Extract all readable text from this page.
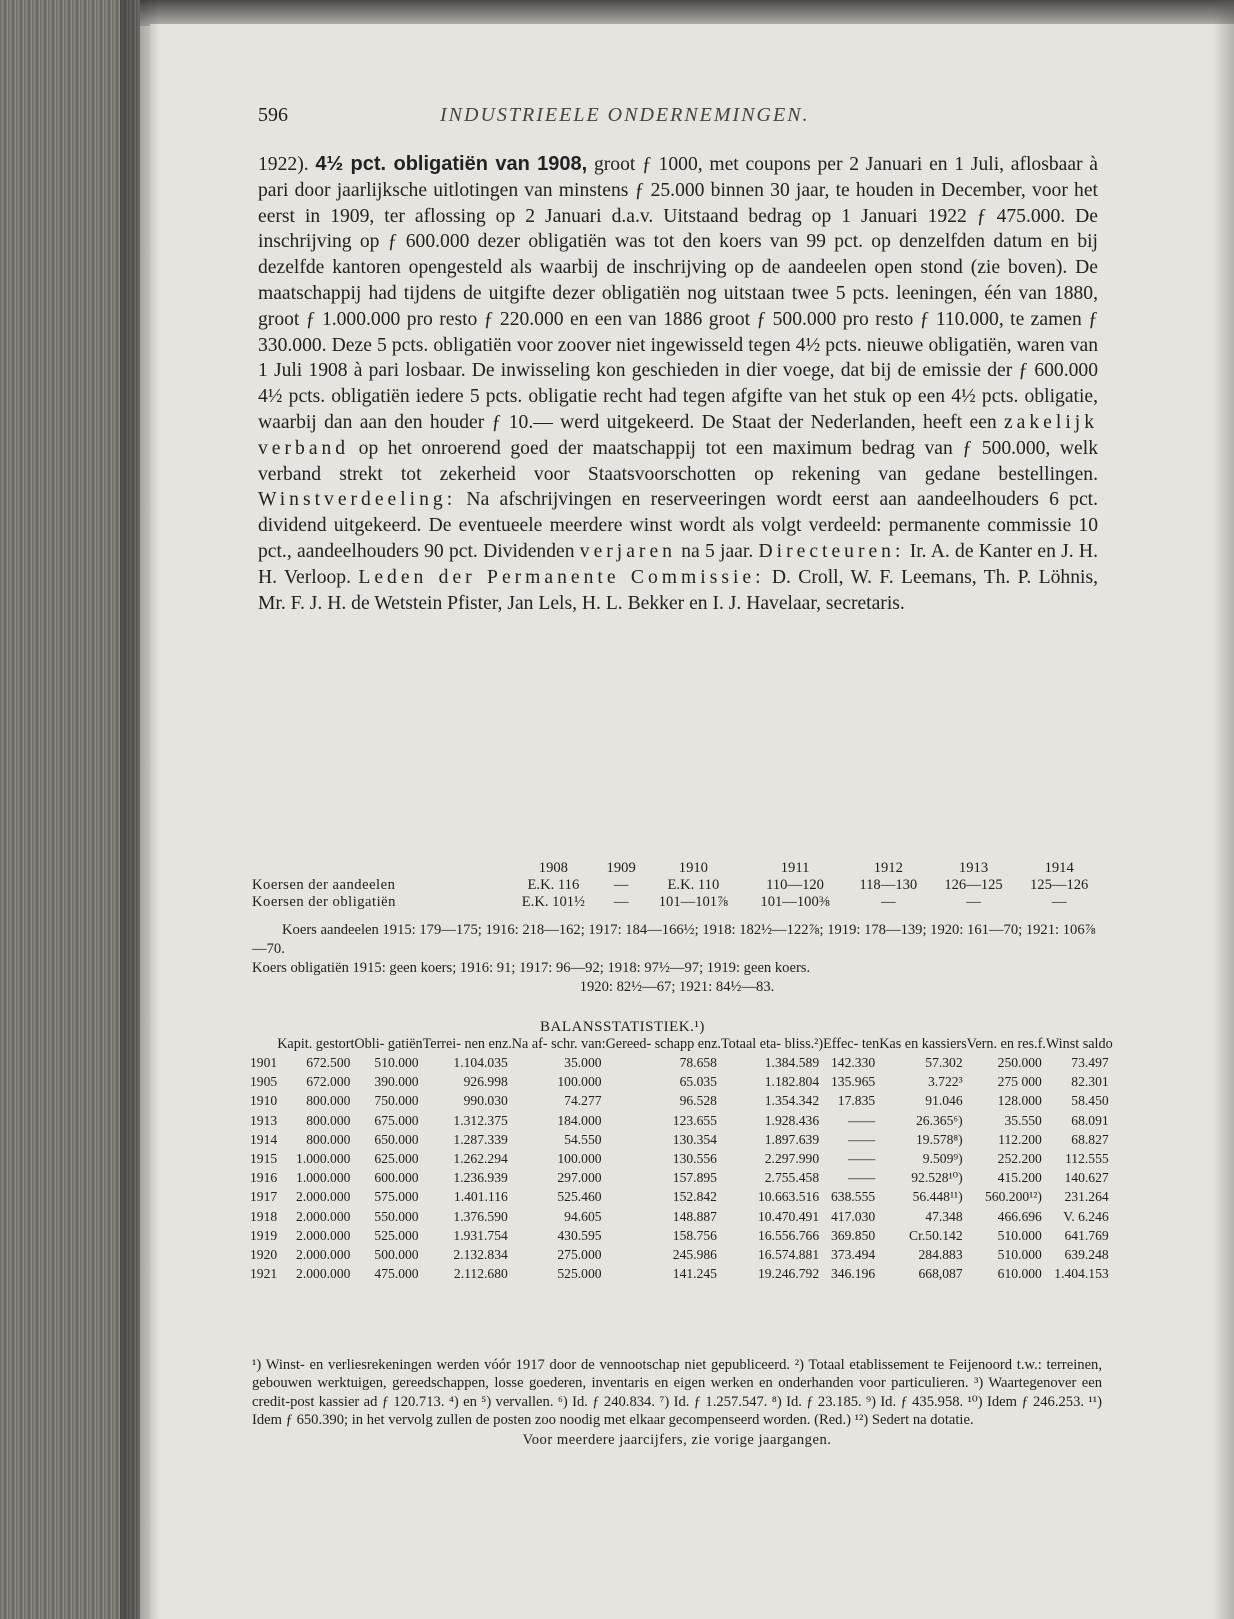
596	INDUSTRIEELE ONDERNEMINGEN.
1922). 4½ pct. obligatiën van 1908, groot ƒ 1000, met coupons per 2 Januari en 1 Juli, aflosbaar à pari door jaarlijksche uitlotingen van minstens ƒ 25.000 binnen 30 jaar, te houden in December, voor het eerst in 1909, ter aflossing op 2 Januari d.a.v. Uitstaand bedrag op 1 Januari 1922 ƒ 475.000. De inschrijving op ƒ 600.000 dezer obligatiën was tot den koers van 99 pct. op denzelfden datum en bij dezelfde kantoren opengesteld als waarbij de inschrijving op de aandeelen open stond (zie boven). De maatschappij had tijdens de uitgifte dezer obligatiën nog uitstaan twee 5 pcts. leeningen, één van 1880, groot ƒ 1.000.000 pro resto ƒ 220.000 en een van 1886 groot ƒ 500.000 pro resto ƒ 110.000, te zamen ƒ 330.000. Deze 5 pcts. obligatiën voor zoover niet ingewisseld tegen 4½ pcts. nieuwe obligatiën, waren van 1 Juli 1908 à pari losbaar. De inwisseling kon geschieden in dier voege, dat bij de emissie der ƒ 600.000 4½ pcts. obligatiën iedere 5 pcts. obligatie recht had tegen afgifte van het stuk op een 4½ pcts. obligatie, waarbij dan aan den houder ƒ 10.— werd uitgekeerd. De Staat der Nederlanden, heeft een zakelijk verband op het onroerend goed der maatschappij tot een maximum bedrag van ƒ 500.000, welk verband strekt tot zekerheid voor Staatsvoorschotten op rekening van gedane bestellingen. Winstverdeeling: Na afschrijvingen en reserveeringen wordt eerst aan aandeelhouders 6 pct. dividend uitgekeerd. De eventueele meerdere winst wordt als volgt verdeeld: permanente commissie 10 pct., aandeelhouders 90 pct. Dividenden verjaren na 5 jaar. Directeuren: Ir. A. de Kanter en J. H. H. Verloop. Leden der Permanente Commissie: D. Croll, W. F. Leemans, Th. P. Löhnis, Mr. F. J. H. de Wetstein Pfister, Jan Lels, H. L. Bekker en I. J. Havelaar, secretaris.
	1908	1909	1910	1911	1912	1913	1914
Koersen der aandeelen	E.K. 116	—	E.K. 110	110—120	118—130	126—125	125—126
Koersen der obligatiën	E.K. 101½	—	101—101⅞	101—100⅜	—	—	—

Koers aandeelen 1915: 179—175; 1916: 218—162; 1917: 184—166½; 1918: 182½—122⅞; 1919: 178—139; 1920: 161—70; 1921: 106⅞—70.

Koers obligatiën 1915: geen koers; 1916: 91; 1917: 96—92; 1918: 97½—97; 1919: geen koers.

1920: 82½—67; 1921: 84½—83.

BALANSSTATISTIEK.¹)
	Kapit. gestort	Obli- gatiën	Terrei- nen enz.	Na af- schr. van:	Gereed- schapp enz.	Totaal eta- bliss.²)	Effec- ten	Kas en kassiers	Vern. en res.f.	Winst saldo
1901	672.500	510.000	1.104.035	35.000	78.658	1.384.589	142.330	57.302	250.000	73.497
1905	672.000	390.000	926.998	100.000	65.035	1.182.804	135.965	3.722³	275 000	82.301
1910	800.000	750.000	990.030	74.277	96.528	1.354.342	17.835	91.046	128.000	58.450
1913	800.000	675.000	1.312.375	184.000	123.655	1.928.436	——	26.365⁶)	35.550	68.091
1914	800.000	650.000	1.287.339	54.550	130.354	1.897.639	——	19.578⁸)	112.200	68.827
1915	1.000.000	625.000	1.262.294	100.000	130.556	2.297.990	——	9.509⁹)	252.200	112.555
1916	1.000.000	600.000	1.236.939	297.000	157.895	2.755.458	——	92.528¹⁰)	415.200	140.627
1917	2.000.000	575.000	1.401.116	525.460	152.842	10.663.516	638.555	56.448¹¹)	560.200¹²)	231.264
1918	2.000.000	550.000	1.376.590	94.605	148.887	10.470.491	417.030	47.348	466.696	V. 6.246
1919	2.000.000	525.000	1.931.754	430.595	158.756	16.556.766	369.850	Cr.50.142	510.000	641.769
1920	2.000.000	500.000	2.132.834	275.000	245.986	16.574.881	373.494	284.883	510.000	639.248
1921	2.000.000	475.000	2.112.680	525.000	141.245	19.246.792	346.196	668,087	610.000	1.404.153

¹) Winst- en verliesrekeningen werden vóór 1917 door de vennootschap niet gepubliceerd. ²) Totaal etablissement te Feijenoord t.w.: terreinen, gebouwen werktuigen, gereedschappen, losse goederen, inventaris en eigen werken en onderhanden voor particulieren. ³) Waartegenover een credit-post kassier ad ƒ 120.713. ⁴) en ⁵) vervallen. ⁶) Id. ƒ 240.834. ⁷) Id. ƒ 1.257.547. ⁸) Id. ƒ 23.185. ⁹) Id. ƒ 435.958. ¹⁰) Idem ƒ 246.253. ¹¹) Idem ƒ 650.390; in het vervolg zullen de posten zoo noodig met elkaar gecompenseerd worden. (Red.) ¹²) Sedert na dotatie.

Voor meerdere jaarcijfers, zie vorige jaargangen.
